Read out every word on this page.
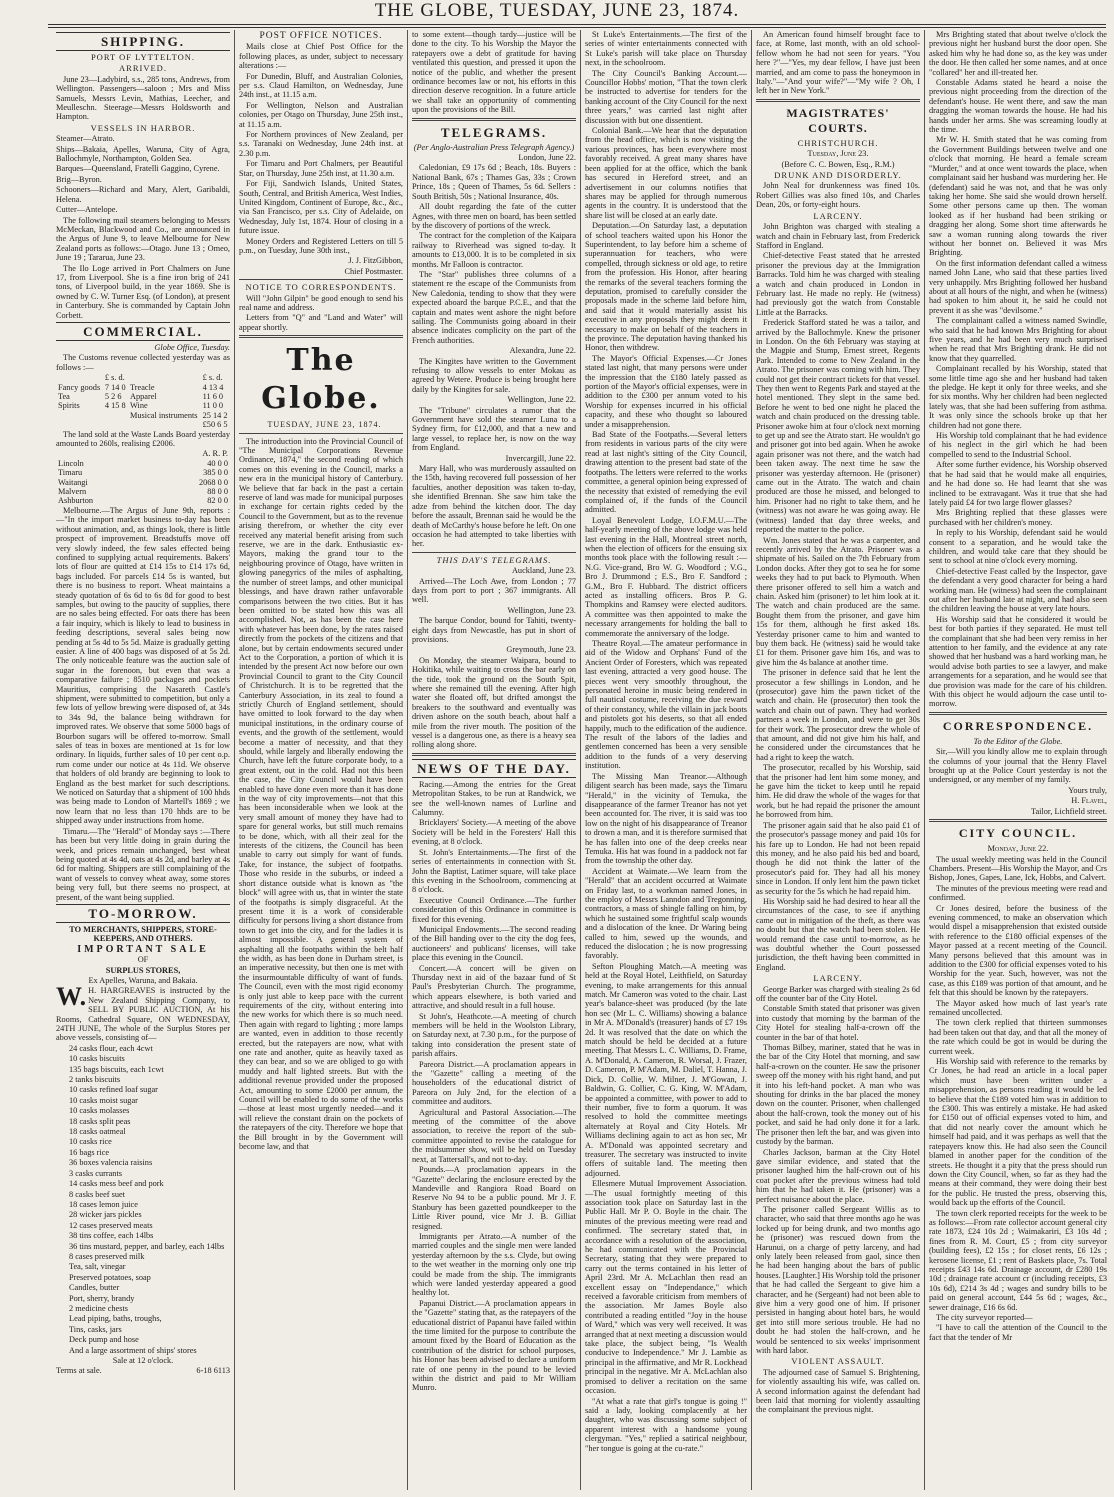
THE GLOBE, TUESDAY, JUNE 23, 1874.
SHIPPING.
PORT OF LYTTELTON.
ARRIVED.

June 23—Ladybird, s.s., 285 tons, Andrews, from Wellington. Passengers—saloon ; Mrs and Miss Samuels, Messrs Levin, Mathias, Leecher, and Meulleschn. Steerage—Messrs Holdsworth and Hampton.

VESSELS IN HARBOR.

Steamer—Atrato.

Ships—Bakaia, Apelles, Waruna, City of Agra, Ballochmyle, Northampton, Golden Sea.

Barques—Queensland, Fratelli Gaggino, Cyrene.

Brig—Byron.

Schooners—Richard and Mary, Alert, Garibaldi, Helena.

Cutter—Antelope.

The following mail steamers belonging to Messrs McMeckan, Blackwood and Co., are announced in the Argus of June 9, to leave Melbourne for New Zealand ports as follows:—Otago. June 13 ; Omeo, June 19 ; Tararua, June 23.

The Ilo Loge arrived in Port Chalmers on June 17, from Liverpool. She is a fine iron brig of 241 tons, of Liverpool build, in the year 1869. She is owned by C. W. Turner Esq. (of London), at present in Canterbury. She is commanded by Captain John Corbett.

COMMERCIAL.

Globe Office, Tuesday.

The Customs revenue collected yesterday was as follows :—

	£ s. d.		£ s. d.
Fancy goods	7 14 0	Treacle	4 13 4
Tea	5 2 6	Apparel	11 6 0
Spirits	4 15 8	Wine	11 0 0
		Musical instruments	25 14 2
			£50 6 5

The land sold at the Waste Lands Board yesterday amounted to 260ls, realising £2006.

	A. R. P.
Lincoln	40 0 0
Timaru	385 0 0
Waitangi	2068 0 0
Malvern	88 0 0
Ashburton	82 0 0

Melbourne.—The Argus of June 9th, reports :—"In the import market business to-day has been without animation, and, as things look, there is little prospect of improvement. Breadstuffs move off very slowly indeed, the few sales effected being confined to supplying actual requirements. Bakers' lots of flour are quitted at £14 15s to £14 17s 6d, bags included. For parcels £14 5s is wanted, but there is no business to report. Wheat maintains a steady quotation of 6s 6d to 6s 8d for good to best samples, but owing to the paucity of supplies, there are no sales being effected. For oats there has been a fair inquiry, which is likely to lead to business in feeding descriptions, several sales being now pending at 5s 4d to 5s 5d. Maize is gradually getting easier. A line of 400 bags was disposed of at 5s 2d. The only noticeable feature was the auction sale of sugar in the forenoon, but even that was a comparative failure ; 8510 packages and pockets Mauritius, comprising the Nasareth Castle's shipment, were submitted to competition, but only a few lots of yellow brewing were disposed of, at 34s to 34s 9d, the balance being withdrawn for improved rates. We observe that some 5000 bags of Bourbon sugars will be offered to-morrow. Small sales of teas in boxes are mentioned at 1s for low ordinary. In liquids, further sales of 10 per cent o.p. rum come under our notice at 4s 11d. We observe that holders of old brandy are beginning to look to England as the best market for such descriptions. We noticed on Saturday that a shipment of 100 hhds was being made to London of Martell's 1869 ; we now learn that no less than 170 hhds are to be shipped away under instructions from home.

Timaru.—The "Herald" of Monday says :—There has been but very little doing in grain during the week, and prices remain unchanged, best wheat being quoted at 4s 4d, oats at 4s 2d, and barley at 4s 6d for malting. Shippers are still complaining of the want of vessels to convey wheat away, some stores being very full, but there seems no prospect, at present, of the want being supplied.

TO-MORROW.

TO MERCHANTS, SHIPPERS, STORE-KEEPERS, AND OTHERS.

IMPORTANT SALE

OF

SURPLUS STORES,

Ex Apelles, Waruna, and Bakaia.

W. H. HARGREAVES is instructed by the New Zealand Shipping Company, to SELL BY PUBLIC AUCTION, At his Rooms, Cathedral Square, ON WEDNESDAY, 24TH JUNE, The whole of the Surplus Stores per above vessels, consisting of—

24 casks flour, each 4cwt

10 casks biscuits

135 bags biscuits, each 1cwt

2 tanks biscuits

10 casks refined loaf sugar

10 casks moist sugar

10 casks molasses

18 casks split peas

18 casks oatmeal

10 casks rice

16 bags rice

36 boxes valencia raisins

3 casks currants

14 casks mess beef and pork

8 casks beef suet

18 cases lemon juice

28 wicker jars pickles

12 cases preserved meats

38 tins coffee, each 14lbs

36 tins mustard, pepper, and barley, each 14lbs

8 cases preserved milk

Tea, salt, vinegar

Preserved potatoes, soap

Candles, butter

Port, sherry, brandy

2 medicine chests

Lead piping, baths, troughs,

Tins, casks, jars

Deck pump and hose

And a large assortment of ships' stores

Sale at 12 o'clock.

Terms at sale.	6-18 6113

POST OFFICE NOTICES.

Mails close at Chief Post Office for the following places, as under, subject to necessary alterations :—

For Dunedin, Bluff, and Australian Colonies, per s.s. Claud Hamilton, on Wednesday, June 24th inst., at 11.15 a.m.

For Wellington, Nelson and Australian colonies, per Otago on Thursday, June 25th inst., at 11.15 a.m.

For Northern provinces of New Zealand, per s.s. Taranaki on Wednesday, June 24th inst. at 2.30 p.m.

For Timaru and Port Chalmers, per Beautiful Star, on Thursday, June 25th inst, at 11.30 a.m.

For Fiji, Sandwich Islands, United States, South, Central, and British America, West Indies, United Kingdom, Continent of Europe, &c., &c., via San Francisco, per s.s. City of Adelaide, on Wednesday, July 1st, 1874. Hour of closing in a future issue.

Money Orders and Registered Letters on till 5 p.m., on Tuesday, June 30th inst.,

J. J. FitzGibbon,

Chief Postmaster.

NOTICE TO CORRESPONDENTS.

Will "John Gilpin" be good enough to send his real name and address.

Letters from "Q" and "Land and Water" will appear shortly.

The Globe.

TUESDAY, JUNE 23, 1874.

The introduction into the Provincial Council of "The Municipal Corporations Revenue Ordinance, 1874," the second reading of which comes on this evening in the Council, marks a new era in the municipal history of Canterbury. We believe that far back in the past a certain reserve of land was made for municipal purposes in exchange for certain rights ceded by the Council to the Government, but as to the revenue arising therefrom, or whether the city ever received any material benefit arising from such reserve, we are in the dark. Enthusiastic ex-Mayors, making the grand tour to the neighbouring province of Otago, have written in glowing panegyrics of the miles of asphalting, the number of street lamps, and other municipal blessings, and have drawn rather unfavorable comparisons between the two cities. But it has been omitted to be stated how this was all accomplished. Not, as has been the case here with whatever has been done, by the rates raised directly from the pockets of the citizens and that alone, but by certain endowments secured under Act to the Corporation, a portion of which it is intended by the present Act now before our own Provincial Council to grant to the City Council of Christchurch. It is to be regretted that the Canterbury Association, in its zeal to found a strictly Church of England settlement, should have omitted to look forward to the day when municipal institutions, in the ordinary course of events, and the growth of the settlement, would become a matter of necessity, and that they should, while largely and liberally endowing the Church, have left the future corporate body, to a great extent, out in the cold. Had not this been the case, the City Council would have been enabled to have done even more than it has done in the way of city improvements—not that this has been inconsiderable when we look at the very small amount of money they have had to spare for general works, but still much remains to be done, which, with all their zeal for the interests of the citizens, the Council has been unable to carry out simply for want of funds. Take, for instance, the subject of footpaths. Those who reside in the suburbs, or indeed a short distance outside what is known as "the block" will agree with us, that in winter the state of the footpaths is simply disgraceful. At the present time it is a work of considerable difficulty for persons living a short distance from town to get into the city, and for the ladies it is almost impossible. A general system of asphalting all the footpaths within the belt half the width, as has been done in Durham street, is an imperative necessity, but then one is met with the insurmountable difficulty of want of funds. The Council, even with the most rigid economy is only just able to keep pace with the current requirements of the city, without entering into the new works for which there is so much need. Then again with regard to lighting ; more lamps are wanted, even in addition to those recently erected, but the ratepayers are now, what with one rate and another, quite as heavily taxed as they can bear, and so we are obliged to go with muddy and half lighted streets. But with the additional revenue provided under the proposed Act, amounting to some £2000 per annum, the Council will be enabled to do some of the works—those at least most urgently needed—and it will relieve the constant drain on the pockets of the ratepayers of the city. Therefore we hope that the Bill brought in by the Government will become law, and that

to some extent—though tardy—justice will be done to the city. To his Worship the Mayor the ratepayers owe a debt of gratitude for having ventilated this question, and pressed it upon the notice of the public, and whether the present ordinance becomes law or not, his efforts in this direction deserve recognition. In a future article we shall take an opportunity of commenting upon the provisions of the Bill.

TELEGRAMS.

(Per Anglo-Australian Press Telegraph Agency.)

London, June 22.

Caledonian, £9 17s 6d ; Beach, 18s. Buyers : National Bank, 67s ; Thames Gas, 33s ; Crown Prince, 18s ; Queen of Thames, 5s 6d. Sellers : South British, 50s ; National Insurance, 40s.

All doubt regarding the fate of the cutter Agnes, with three men on board, has been settled by the discovery of portions of the wreck.

The contract for the completion of the Kaipara railway to Riverhead was signed to-day. It amounts to £13,000. It is to be completed in six months. Mr Falloon is contractor.

The "Star" publishes three columns of a statement re the escape of the Communists from New Caledonia, tending to show that they were expected aboard the barque P.C.E., and that the captain and mates went ashore the night before sailing. The Communists going aboard in their absence indicates complicity on the part of the French authorities.

Alexandra, June 22.

The Kingites have written to the Government refusing to allow vessels to enter Mokau as agreed by Wetere. Produce is being brought here daily by the Kingites for sale.

Wellington, June 22.

The "Tribune" circulates a rumor that the Government have sold the steamer Luna to a Sydney firm, for £12,000, and that a new and large vessel, to replace her, is now on the way from England.

Invercargill, June 22.

Mary Hall, who was murderously assaulted on the 15th, having recovered full possession of her faculties, another deposition was taken to-day, she identified Brennan. She saw him take the adze from behind the kitchen door. The day before the assault, Brennan said he would be the death of McCarthy's house before he left. On one occasion he had attempted to take liberties with her.

THIS DAY'S TELEGRAMS.

Auckland, June 23.

Arrived—The Loch Awe, from London ; 77 days from port to port ; 367 immigrants. All well.

Wellington, June 23.

The barque Condor, bound for Tahiti, twenty-eight days from Newcastle, has put in short of provisions.

Greymouth, June 23.

On Monday, the steamer Waipara, bound to Hokitika, while waiting to cross the bar early on the tide, took the ground on the South Spit, where she remained till the evening. After high water she floated off, but drifted amongst the breakers to the southward and eventually was driven ashore on the south beach, about half a mile from the river mouth. The position of the vessel is a dangerous one, as there is a heavy sea rolling along shore.

NEWS OF THE DAY.

Racing.—Among the entries for the Great Metropolitan Stakes, to be run at Randwick, we see the well-known names of Lurline and Calumny.

Bricklayers' Society.—A meeting of the above Society will be held in the Foresters' Hall this evening, at 8 o'clock.

St. John's Entertainments.—The first of the series of entertainments in connection with St. John the Baptist, Latimer square, will take place this evening in the Schoolroom, commencing at 8 o'clock.

Executive Council Ordinance.—The further consideration of this Ordinance in committee is fixed for this evening.

Municipal Endowments.—The second reading of the Bill handing over to the city the dog fees, auctioneers' and publicans' licenses, will take place this evening in the Council.

Concert.—A concert will be given on Thursday next in aid of the bazaar fund of St Paul's Presbyterian Church. The programme, which appears elsewhere, is both varied and attractive, and should result in a full house.

St John's, Heathcote.—A meeting of church members will be held in the Woolston Library, on Saturday next, at 7.30 p.m., for the purpose of taking into consideration the present state of parish affairs.

Pareora District.—A proclamation appears in the "Gazette" calling a meeting of the householders of the educational district of Pareora on July 2nd, for the election of a committee and auditors.

Agricultural and Pastoral Association.—The meeting of the committee of the above association, to receive the report of the sub-committee appointed to revise the catalogue for the midsummer show, will be held on Tuesday next, at Tattersall's, and not to-day.

Pounds.—A proclamation appears in the "Gazette" declaring the enclosure erected by the Mandeville and Rangiora Road Board on Reserve No 94 to be a public pound. Mr J. F. Stanbury has been gazetted poundkeeper to the Little River pound, vice Mr J. B. Gilliat resigned.

Immigrants per Atrato.—A number of the married couples and the single men were landed yesterday afternoon by the s.s. Clyde, but owing to the wet weather in the morning only one trip could be made from the ship. The immigrants which were landed yesterday appeared a good healthy lot.

Papanui District.—A proclamation appears in the "Gazette" stating that, as the ratepayers of the educational district of Papanui have failed within the time limited for the purpose to contribute the amount fixed by the Board of Education as the contribution of the district for school purposes, his Honor has been advised to declare a uniform rate of one penny in the pound to be levied within the district and paid to Mr William Munro.

St Luke's Entertainments.—The first of the series of winter entertainments connected with St Luke's parish will take place on Thursday next, in the schoolroom.

The City Council's Banking Account.—Councillor Hobbs' motion, "That the town clerk be instructed to advertise for tenders for the banking account of the City Council for the next three years," was carried last night after discussion with but one dissentient.

Colonial Bank.—We hear that the deputation from the head office, which is now visiting the various provinces, has been everywhere most favorably received. A great many shares have been applied for at the office, which the bank has secured in Hereford street, and an advertisement in our columns notifies that shares may be applied for through numerous agents in the country. It is understood that the share list will be closed at an early date.

Deputation.—On Saturday last, a deputation of school teachers waited upon his Honor the Superintendent, to lay before him a scheme of superannuation for teachers, who were compelled, through sickness or old age, to retire from the profession. His Honor, after hearing the remarks of the several teachers forming the deputation, promised to carefully consider the proposals made in the scheme laid before him, and said that it would materially assist his executive in any proposals they might deem it necessary to make on behalf of the teachers in the province. The deputation having thanked his Honor, then withdrew.

The Mayor's Official Expenses.—Cr Jones stated last night, that many persons were under the impression that the £180 lately passed as portion of the Mayor's official expenses, were in addition to the £300 per annum voted to his Worship for expenses incurred in his official capacity, and these who thought so laboured under a misapprehension.

Bad State of the Footpaths.—Several letters from residents in various parts of the city were read at last night's sitting of the City Council, drawing attention to the present bad state of the footpaths. The letters were referred to the works committee, a general opinion being expressed of the necessity that existed of remedying the evil complained of, if the funds of the Council admitted.

Loyal Benevolent Lodge, I.O.F.M.U.—The half-yearly meeting of the above lodge was held last evening in the Hall, Montreal street north, when the election of officers for the ensuing six months took place with the following result :—N.G. Vice-grand, Bro W. G. Woodford ; V.G., Bro J. Drummond ; E.S., Bro F. Sandford ; G.M., Bro F. Hubbard. The district officers acted as installing officers. Bros P. G. Thompkins and Ramsey were elected auditors. A committee was then appointed to make the necessary arrangements for holding the ball to commemorate the anniversary of the lodge.

Theatre Royal.—The amateur performance in aid of the Widow and Orphans' Fund of the Ancient Order of Foresters, which was repeated last evening, attracted a very good house. The pieces went very smoothly throughout, the personated heroine in music being rendered in full nautical costume, receiving the due reward of their constancy, while the villain in jack boots and pistolets got his deserts, so that all ended happily, much to the edification of the audience. The result of the labors of the ladies and gentlemen concerned has been a very sensible addition to the funds of a very deserving institution.

The Missing Man Treanor.—Although diligent search has been made, says the Timaru "Herald," in the vicinity of Temuka, the disappearance of the farmer Treanor has not yet been accounted for. The river, it is said was too low on the night of his disappearance of Treanor to drown a man, and it is therefore surmised that he has fallen into one of the deep creeks near Temuka. His hat was found in a paddock not far from the township the other day.

Accident at Waimate.—We learn from the "Herald" that an accident occurred at Waimate on Friday last, to a workman named Jones, in the employ of Messrs Lanndon and Tregonning, contractors, a mass of shingle falling on him, by which he sustained some frightful scalp wounds and a dislocation of the knee. Dr Waring being called to him, sewed up the wounds, and reduced the dislocation ; he is now progressing favorably.

Sefton Ploughing Match.—A meeting was held at the Royal Hotel, Leithfield, on Saturday evening, to make arrangements for this annual match. Mr Cameron was voted to the chair. Last year's balance-sheet was produced (by the late hon sec (Mr L. C. Williams) showing a balance in Mr A. M'Donald's (treasurer) hands of £7 19s 2d. It was resolved that the date on which the match should be held be decided at a future meeting. That Messrs L. C. Williams, D. Frame, A. M'Donald, A. Cameron, R. Worsal, J. Frazer, D. Cameron, P. M'Adam, M. Daliel, T. Hanna, J. Dick, D. Collie, W. Milner, J. M'Gowan, J. Baldwin, G. Collier, C. G. King, W. M'Adam, be appointed a committee, with power to add to their number, five to form a quorum. It was resolved to hold the committee meetings alternately at Royal and City Hotels. Mr Williams declining again to act as hon sec, Mr A. M'Donald was appointed secretary and treasurer. The secretary was instructed to invite offers of suitable land. The meeting then adjourned.

Ellesmere Mutual Improvement Association.—The usual fortnightly meeting of this association took place on Saturday last in the Public Hall. Mr P. O. Boyle in the chair. The minutes of the previous meeting were read and confirmed. The secretary stated that, in accordance with a resolution of the association, he had communicated with the Provincial Secretary, stating that they were prepared to carry out the terms contained in his letter of April 23rd. Mr A. McLachlan then read an excellent essay on "Independance," which received a favorable criticism from members of the association. Mr James Boyle also contributed a reading entitled "Joy in the house of Ward," which was very well received. It was arranged that at next meeting a discussion would take place, the subject being, "Is Wealth conducive to Independence." Mr J. Lambie as principal in the affirmative, and Mr R. Lockhead principal in the negative. Mr A. McLachlan also promised to deliver a recitation on the same occasion.

"At what a rate that girl's tongue is going !" said a lady, looking complacently at her daughter, who was discussing some subject of apparent interest with a handsome young clergyman. "Yes," replied a satirical neighbour, "her tongue is going at the cu-rate."

An American found himself brought face to face, at Rome, last month, with an old school-fellow whom he had not seen for years. "You here ?"—"Yes, my dear fellow, I have just been married, and am come to pass the honeymoon in Italy."—"And your wife?"—"My wife ? Oh, I left her in New York."

MAGISTRATES' COURTS.
CHRISTCHURCH.

Tuesday, June 23.

(Before C. C. Bowen, Esq., R.M.)

DRUNK AND DISORDERLY.

John Neal for drunkenness was fined 10s. Robert Gillies was also fined 10s, and Charles Dean, 20s, or forty-eight hours.

LARCENY.

John Brighton was charged with stealing a watch and chain in February last, from Frederick Stafford in England.

Chief-detective Feast stated that he arrested prisoner the previous day at the Immigration Barracks. Told him he was charged with stealing a watch and chain produced in London in February last. He made no reply. He (witness) had previously got the watch from Constable Little at the Barracks.

Frederick Stafford stated he was a tailor, and arrived by the Ballochmyle. Knew the prisoner in London. On the 6th February was staying at the Magpie and Stump, Ernest street, Regents Park. Intended to come to New Zealand in the Atrato. The prisoner was coming with him. They could not get their contract tickets for that vessel. They then went to Regents Park and stayed at the hotel mentioned. They slept in the same bed. Before he went to bed one night he placed the watch and chain produced on the dressing table. Prisoner awoke him at four o'clock next morning to get up and see the Atrato start. He wouldn't go and prisoner got into bed again. When he awoke again prisoner was not there, and the watch had been taken away. The next time he saw the prisoner was yesterday afternoon. He (prisoner) came out in the Atrato. The watch and chain produced are those he missed, and belonged to him. Prisoner had no right to take them, and he (witness) was not aware he was going away. He (witness) landed that day three weeks, and reported the matter to the police.

Wm. Jones stated that he was a carpenter, and recently arrived by the Atrato. Prisoner was a shipmate of his. Sailed on the 7th February from London docks. After they got to sea he for some weeks they had to put back to Plymouth. When there prisoner offered to sell him a watch and chain. Asked him (prisoner) to let him look at it. The watch and chain produced are the same. Bought them from the prisoner, and gave him 15s for them, although he first asked 18s. Yesterday prisoner came to him and wanted to buy them back. He (witness) said he would take £1 for them. Prisoner gave him 16s, and was to give him the 4s balance at another time.

The prisoner in defence said that he lent the prosecutor a few shillings in London, and he (prosecutor) gave him the pawn ticket of the watch and chain. He (prosecutor) then took the watch and chain out of pawn. They had worked partners a week in London, and were to get 30s for their work. The prosecutor drew the whole of that amount, and did not give him his half, and he considered under the circumstances that he had a right to keep the watch.

The prosecutor, recalled by his Worship, said that the prisoner had lent him some money, and he gave him the ticket to keep until he repaid him. He did draw the whole of the wages for that work, but he had repaid the prisoner the amount he borrowed from him.

The prisoner again said that he also paid £1 of the prosecutor's passage money and paid 10s for his fare up to London. He had not been repaid this money, and he also paid his bed and board, though he did not think the latter of the prosecutor's paid for. They had all his money since in London. If only lent him the pawn ticket as security for the 5s which he had repaid him.

His Worship said he had desired to hear all the circumstances of the case, to see if anything came out in mitigation of the theft, as there was no doubt but that the watch had been stolen. He would remand the case until to-morrow, as he was doubtful whether the Court possessed jurisdiction, the theft having been committed in England.

LARCENY.

George Barker was charged with stealing 2s 6d off the counter bar of the City Hotel.

Constable Smith stated that prisoner was given into custody that morning by the barman of the City Hotel for stealing half-a-crown off the counter in the bar of that hotel.

Thomas Bilbey, mariner, stated that he was in the bar of the City Hotel that morning, and saw half-a-crown on the counter. He saw the prisoner sweep off the money with his right hand, and put it into his left-hand pocket. A man who was shouting for drinks in the bar placed the money down on the counter. Prisoner, when challenged about the half-crown, took the money out of his pocket, and said he had only done it for a lark. The prisoner then left the bar, and was given into custody by the barman.

Charles Jackson, barman at the City Hotel gave similar evidence, and stated that the prisoner laughed him the half-crown out of his coat pocket after the previous witness had told him that he had taken it. He (prisoner) was a perfect nuisance about the place.

The prisoner called Sergeant Willis as to character, who said that three months ago he was locked up for being drunk, and two months ago he (prisoner) was rescued down from the Harunui, on a charge of petty larceny, and had only lately been released from gaol, since then he had been hanging about the bars of public houses. [Laughter.] His Worship told the prisoner that he had called the Sergeant to give him a character, and he (Sergeant) had not been able to give him a very good one of him. If prisoner persisted in hanging about hotel bars, he would get into still more serious trouble. He had no doubt he had stolen the half-crown, and he would be sentenced to six weeks' imprisonment with hard labor.

VIOLENT ASSAULT.

The adjourned case of Samuel S. Brightening, for violently assaulting his wife, was called on. A second information against the defendant had been laid that morning for violently assaulting the complainant the previous night.

Mrs Brighting stated that about twelve o'clock the previous night her husband burst the door open. She asked him why he had done so, as the key was under the door. He then called her some names, and at once "collared" her and ill-treated her.

Constable Adams stated he heard a noise the previous night proceeding from the direction of the defendant's house. He went there, and saw the man dragging the woman towards the house. He had his hands under her arms. She was screaming loudly at the time.

Mr W. H. Smith stated that he was coming from the Government Buildings between twelve and one o'clock that morning. He heard a female scream "Murder," and at once went towards the place, when complainant said her husband was murdering her. He (defendant) said he was not, and that he was only taking her home. She said she would drown herself. Some other persons came up then. The woman looked as if her husband had been striking or dragging her along. Some short time afterwards he saw a woman running along towards the river without her bonnet on. Believed it was Mrs Brighting.

On the first information defendant called a witness named John Lane, who said that these parties lived very unhappily. Mrs Brighting followed her husband about at all hours of the night, and when he (witness) had spoken to him about it, he said he could not prevent it as she was "devilsome."

The complainant called a witness named Swindle, who said that he had known Mrs Brighting for about five years, and he had been very much surprised when he read that Mrs Brighting drank. He did not know that they quarrelled.

Complainant recalled by his Worship, stated that some little time ago she and her husband had taken the pledge. He kept it only for three weeks, and she for six months. Why her children had been neglected lately was, that she had been suffering from asthma. It was only since the schools broke up that her children had not gone there.

His Worship told complainant that he had evidence of his neglect in the girl which he had been compelled to send to the Industrial School.

After some further evidence, his Worship observed that he had said that he would make all enquiries, and he had done so. He had learnt that she was inclined to be extravagant. Was it true that she had lately paid £4 for two large flower glasses?

Mrs Brighting replied that these glasses were purchased with her children's money.

In reply to his Worship, defendant said he would consent to a separation, and he would take the children, and would take care that they should be sent to school at nine o'clock every morning.

Chief-detective Feast called by the Inspector, gave the defendant a very good character for being a hard working man. He (witness) had seen the complainant out after her husband late at night, and had also seen the children leaving the house at very late hours.

His Worship said that he considered it would be best for both parties if they separated. He must tell the complainant that she had been very remiss in her attention to her family, and the evidence at any rate showed that her husband was a hard working man, he would advise both parties to see a lawyer, and make arrangements for a separation, and he would see that due provision was made for the care of his children. With this object he would adjourn the case until to-morrow.

CORRESPONDENCE.

To the Editor of the Globe.

Sir,—Will you kindly allow me to explain through the columns of your journal that the Henry Flavel brought up at the Police Court yesterday is not the undersigned, or any member of my family.

Yours truly,

H. Flavel,

Tailor, Lichfield street.

CITY COUNCIL.

Monday, June 22.

The usual weekly meeting was held in the Council Chambers. Present—His Worship the Mayor, and Crs Bishop, Jones, Gapes, Lane, Ick, Hobbs, and Calvert.

The minutes of the previous meeting were read and confirmed.

Cr Jones desired, before the business of the evening commenced, to make an observation which would dispel a misapprehension that existed outside with reference to the £180 official expenses of the Mayor passed at a recent meeting of the Council. Many persons believed that this amount was in addition to the £300 for official expenses voted to his Worship for the year. Such, however, was not the case, as this £189 was portion of that amount, and he felt that this should be known by the ratepayers.

The Mayor asked how much of last year's rate remained uncollected.

The town clerk replied that thirteen summonses had been taken out that day, and that all the money of the rate which could be got in would be during the current week.

His Worship said with reference to the remarks by Cr Jones, he had read an article in a local paper which must have been written under a misapprehension, as persons reading it would be led to believe that the £189 voted him was in addition to the £300. This was entirely a mistake. He had asked for £150 out of official expenses voted to him, and that did not nearly cover the amount which he himself had paid, and it was perhaps as well that the ratepayers know this. He had also seen the Council blamed in another paper for the condition of the streets. He thought it a pity that the press should run down the City Council, when, so far as they had the means at their command, they were doing their best for the public. He trusted the press, observing this, would back up the efforts of the Council.

The town clerk reported receipts for the week to be as follows:—From rate collector account general city rate 1873, £24 10s 2d ; Waimakariri, £3 10s 4d ; fines from R. M. Court, £5 ; from city surveyor (building fees), £2 15s ; for closet rents, £6 12s ; kerosene license, £1 ; rent of Baskets place, 7s. Total receipts £43 14s 6d. Drainage account, dr £280 19s 10d ; drainage rate account cr (including receipts, £3 10s 6d), £214 3s 4d ; wages and sundry bills to be paid on general account, £44 5s 6d ; wages, &c., sewer drainage, £16 6s 6d.

The city surveyor reported—

"I have to call the attention of the Council to the fact that the tender of Mr
